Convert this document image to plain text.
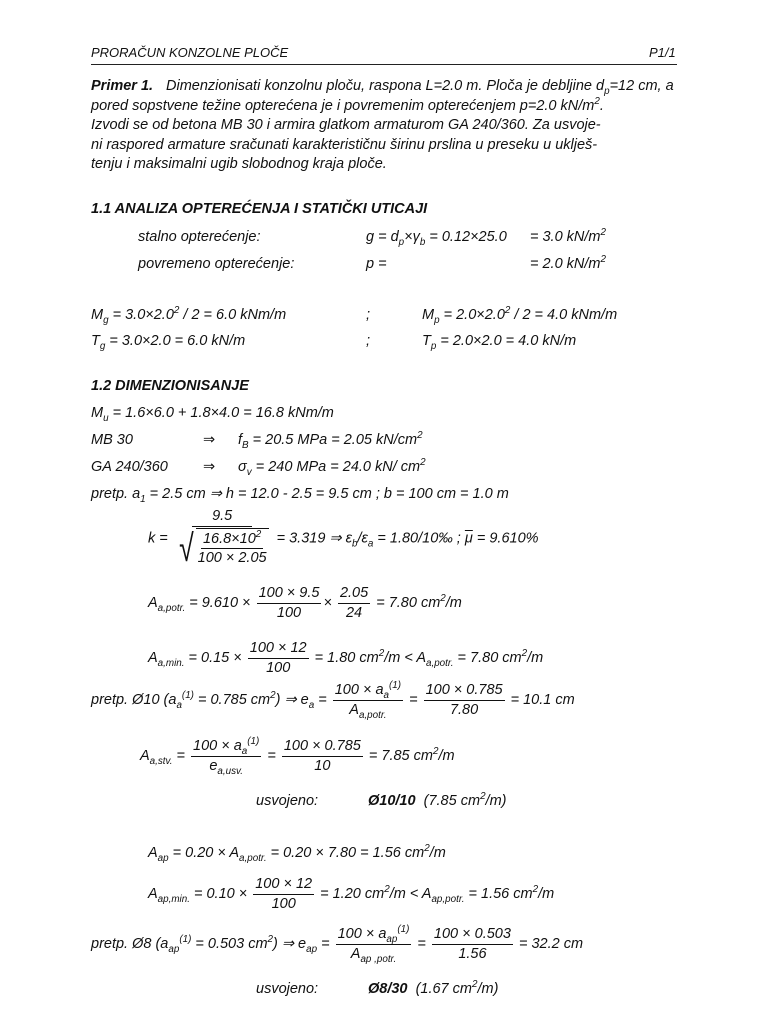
PRORAČUN KONZOLNE PLOČE	P1/1
Primer 1. Dimenzionisati konzolnu ploču, raspona L=2.0 m. Ploča je debljine $d_p=12$ cm, a
pored sopstvene težine opterećena je i povremenim opterećenjem p=2.0 $kN/m^2$.
Izvodi se od betona MB 30 i armira glatkom armaturom GA 240/360. Za usvoje-
ni raspored armature sračunati karakterističnu širinu prslina u preseku u uklješ-
tenju i maksimalni ugib slobodnog kraja ploče.
1.1 ANALIZA OPTEREĆENJA I STATIČKI UTICAJI
stalno opterećenje:	$g = d_p\times\gamma_b = 0.12\times 25.0 = 3.0$ $kN/m^2$
povremeno opterećenje:	p =	= 2.0 $kN/m^2$
$M_g = 3.0\times 2.0^2 / 2 = 6.0$ kNm/m	;	$M_p = 2.0\times 2.0^2 / 2 = 4.0$ kNm/m
$T_g = 3.0\times 2.0 = 6.0$ kN/m	;	$T_p = 2.0\times 2.0 = 4.0$ kN/m
1.2 DIMENZIONISANJE
$M_u = 1.6\times 6.0 + 1.8\times 4.0 = 16.8$ kNm/m
MB 30	⇒ $f_B = 20.5$ MPa = 2.05 $kN/cm^2$
GA 240/360 ⇒ $\sigma_v = 240$ MPa = 24.0 kN/ $cm^2$
pretp. $a_1 = 2.5$ cm ⇒ h = 12.0 - 2.5 = 9.5 cm ; b = 100 cm = 1.0 m
$k = \frac{9.5}{√ \frac{16.8\times 10^2}{100 \times 2.05}} = 3.319$ ⇒ $\varepsilon_b/\varepsilon_a$ = 1.80/10‰ ; $\overline{\mu} = 9.610\%$
$A_{a,potr.} = 9.610 \times \frac{100 \times 9.5}{100} \times \frac{2.05}{24} = 7.80$ $cm^2/m$
$A_{a,min.} = 0.15 \times \frac{100 \times 12}{100} = 1.80$ $cm^2/m < A_{a,potr.} = 7.80$ $cm^2/m$
pretp. Ø10 ($a_a^{(1)} = 0.785$ $cm^2$) ⇒ $e_a = \frac{100 \times a_a^{(1)}}{A_{a,potr.}} = \frac{100 \times 0.785}{7.80} = 10.1$ cm
$A_{a,stv.} = \frac{100 \times a_a^{(1)}}{e_{a,usv.}} = \frac{100 \times 0.785}{10} = 7.85$ $cm^2/m$
usvojeno:	Ø10/10 (7.85 $cm^2/m$)
$A_{ap} = 0.20 \times A_{a,potr.} = 0.20 \times 7.80 = 1.56$ $cm^2/m$
$A_{ap,min.} = 0.10 \times \frac{100 \times 12}{100} = 1.20$ $cm^2/m < A_{ap,potr.} = 1.56$ $cm^2/m$
pretp. Ø8 ($a_{ap}^{(1)} = 0.503$ $cm^2$) ⇒ $e_{ap} = \frac{100 \times a_{ap}^{(1)}}{A_{ap ,potr.}} = \frac{100 \times 0.503}{1.56} = 32.2$ cm
usvojeno:	Ø8/30 (1.67 $cm^2/m$)
